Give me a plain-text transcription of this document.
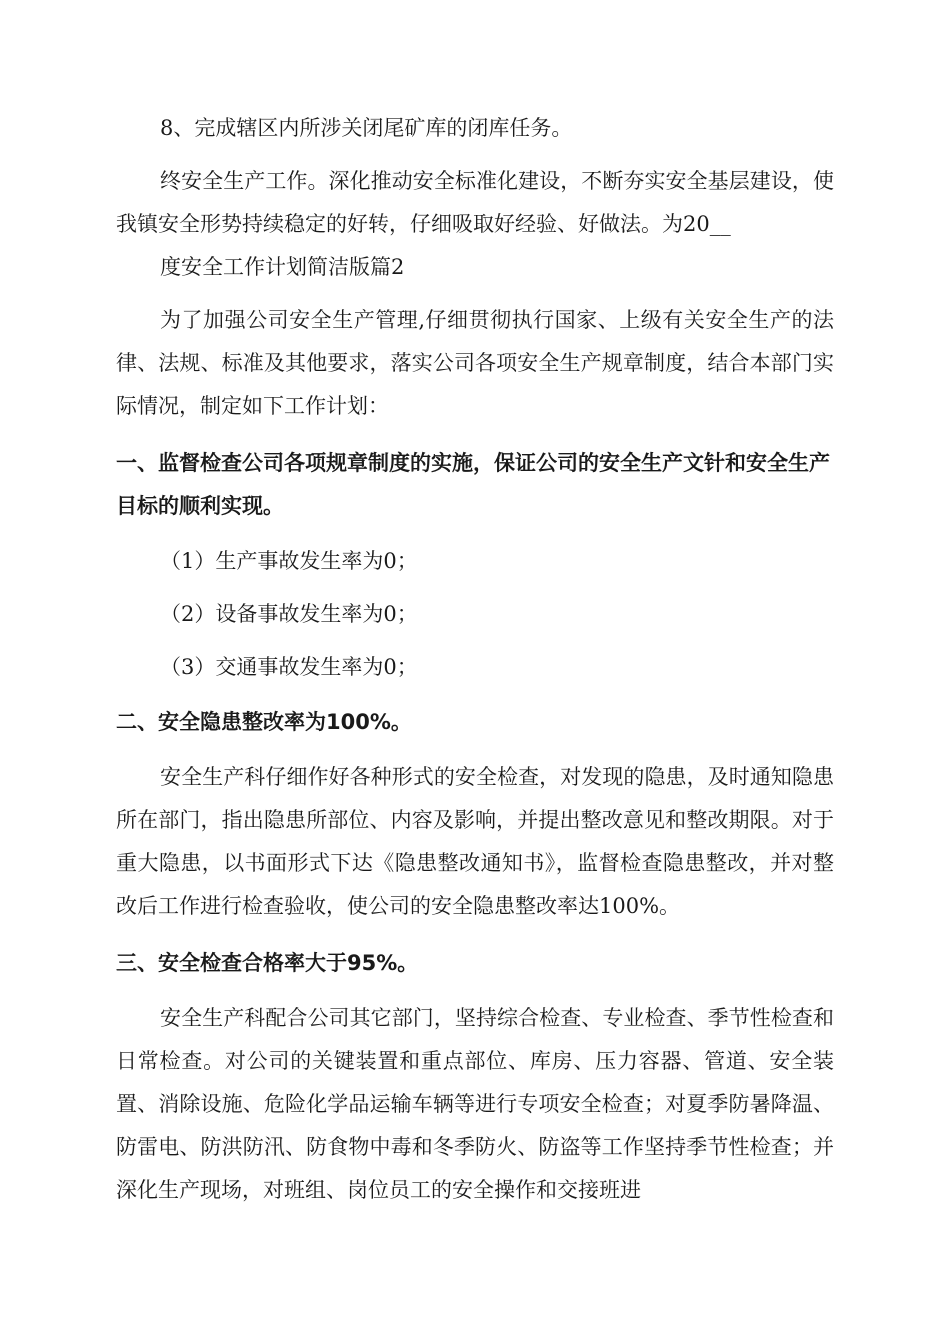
8、完成辖区内所涉关闭尾矿库的闭库任务。

终安全生产工作。深化推动安全标准化建设，不断夯实安全基层建设，使我镇安全形势持续稳定的好转，仔细吸取好经验、好做法。为20__

度安全工作计划简洁版篇2

为了加强公司安全生产管理,仔细贯彻执行国家、上级有关安全生产的法律、法规、标准及其他要求，落实公司各项安全生产规章制度，结合本部门实际情况，制定如下工作计划：

一、监督检查公司各项规章制度的实施，保证公司的安全生产文针和安全生产目标的顺利实现。

（1）生产事故发生率为0；

（2）设备事故发生率为0；

（3）交通事故发生率为0；

二、安全隐患整改率为100%。

安全生产科仔细作好各种形式的安全检查，对发现的隐患，及时通知隐患所在部门，指出隐患所部位、内容及影响，并提出整改意见和整改期限。对于重大隐患，以书面形式下达《隐患整改通知书》，监督检查隐患整改，并对整改后工作进行检查验收，使公司的安全隐患整改率达100%。

三、安全检查合格率大于95%。

安全生产科配合公司其它部门，坚持综合检查、专业检查、季节性检查和日常检查。对公司的关键装置和重点部位、库房、压力容器、管道、安全装置、消除设施、危险化学品运输车辆等进行专项安全检查；对夏季防暑降温、防雷电、防洪防汛、防食物中毒和冬季防火、防盗等工作坚持季节性检查；并深化生产现场，对班组、岗位员工的安全操作和交接班进
